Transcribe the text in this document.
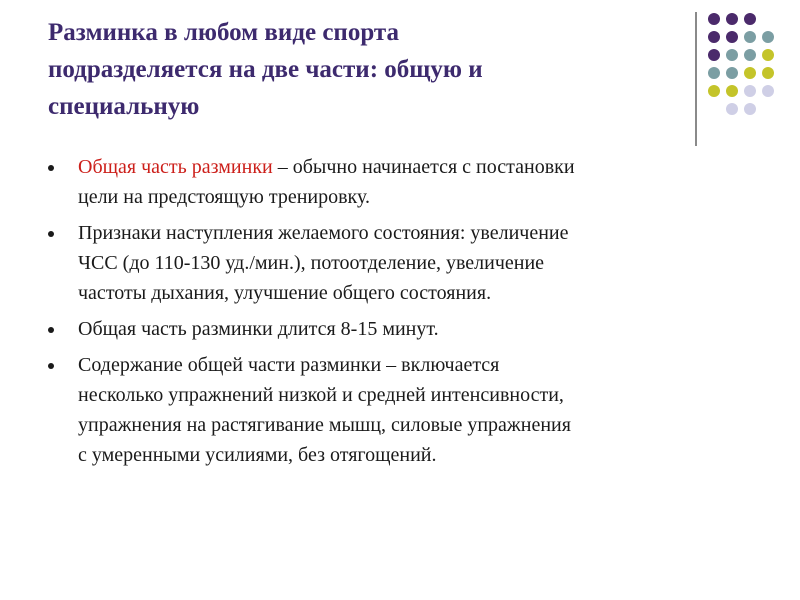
Разминка в любом виде спорта
подразделяется на две части: общую и
специальную
Общая часть разминки – обычно начинается с постановки
цели на предстоящую тренировку.
Признаки наступления желаемого состояния: увеличение
ЧСС (до 110-130 уд./мин.), потоотделение, увеличение
частоты дыхания, улучшение общего состояния.
Общая часть разминки длится 8-15 минут.
Содержание общей части разминки – включается
несколько упражнений низкой и средней интенсивности,
упражнения на растягивание мышц, силовые упражнения
с умеренными усилиями, без отягощений.
